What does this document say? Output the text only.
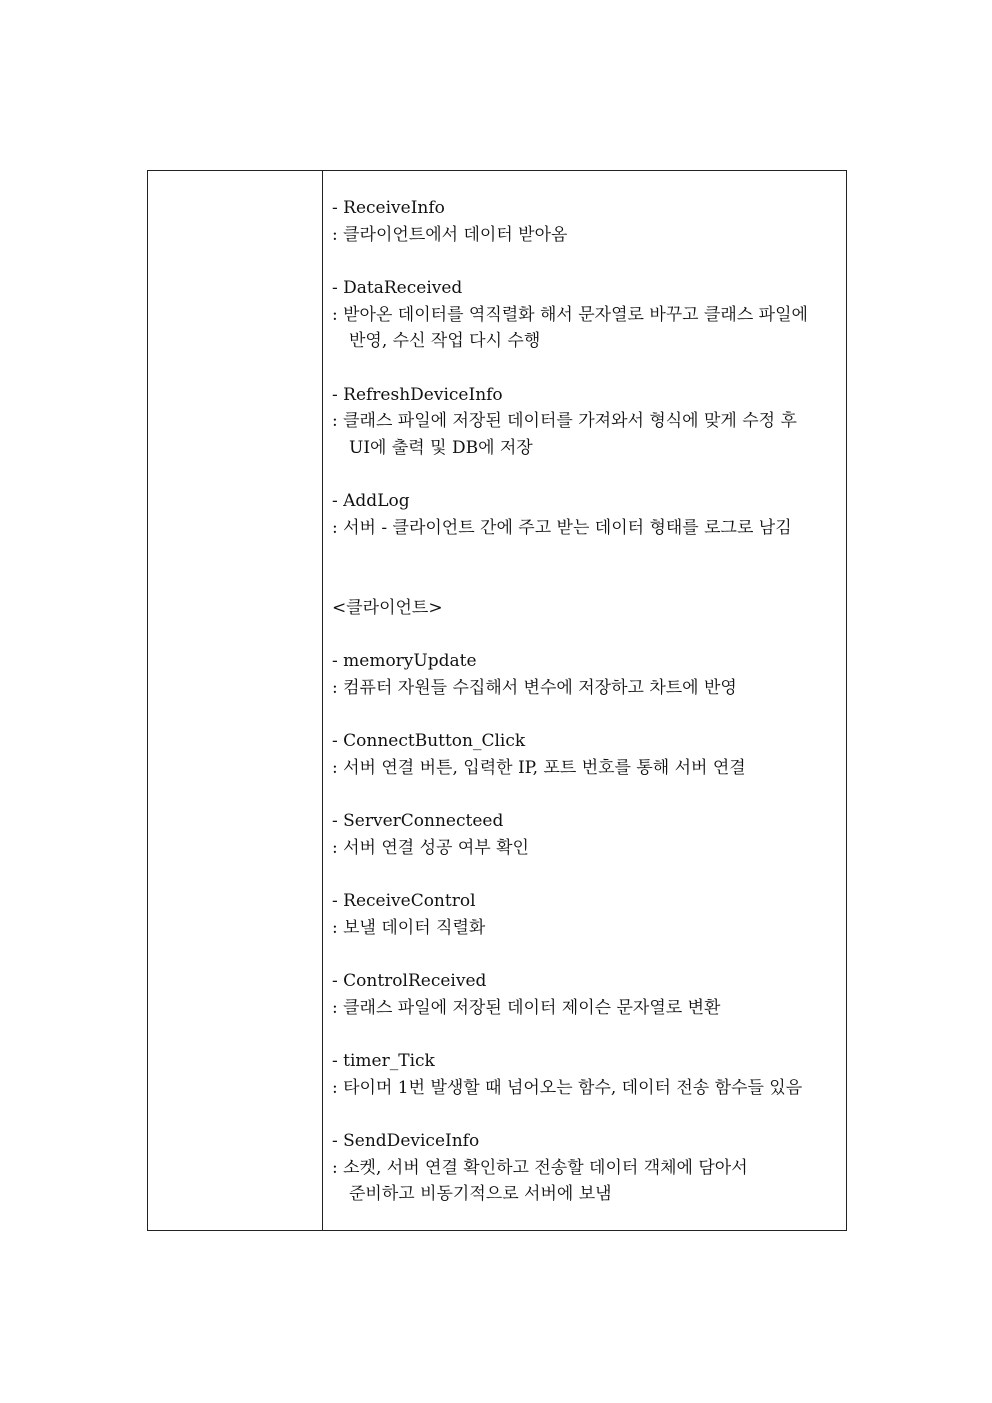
- ReceiveInfo
: 클라이언트에서 데이터 받아옴
- DataReceived
: 받아온 데이터를 역직렬화 해서 문자열로 바꾸고 클래스 파일에
반영, 수신 작업 다시 수행
- RefreshDeviceInfo
: 클래스 파일에 저장된 데이터를 가져와서 형식에 맞게 수정 후
UI에 출력 및 DB에 저장
- AddLog
: 서버 - 클라이언트 간에 주고 받는 데이터 형태를 로그로 남김
<클라이언트>
- memoryUpdate
: 컴퓨터 자원들 수집해서 변수에 저장하고 차트에 반영
- ConnectButton_Click
: 서버 연결 버튼, 입력한 IP, 포트 번호를 통해 서버 연결
- ServerConnecteed
: 서버 연결 성공 여부 확인
- ReceiveControl
: 보낼 데이터 직렬화
- ControlReceived
: 클래스 파일에 저장된 데이터 제이슨 문자열로 변환
- timer_Tick
: 타이머 1번 발생할 때 넘어오는 함수, 데이터 전송 함수들 있음
- SendDeviceInfo
: 소켓, 서버 연결 확인하고 전송할 데이터 객체에 담아서
준비하고 비동기적으로 서버에 보냄
